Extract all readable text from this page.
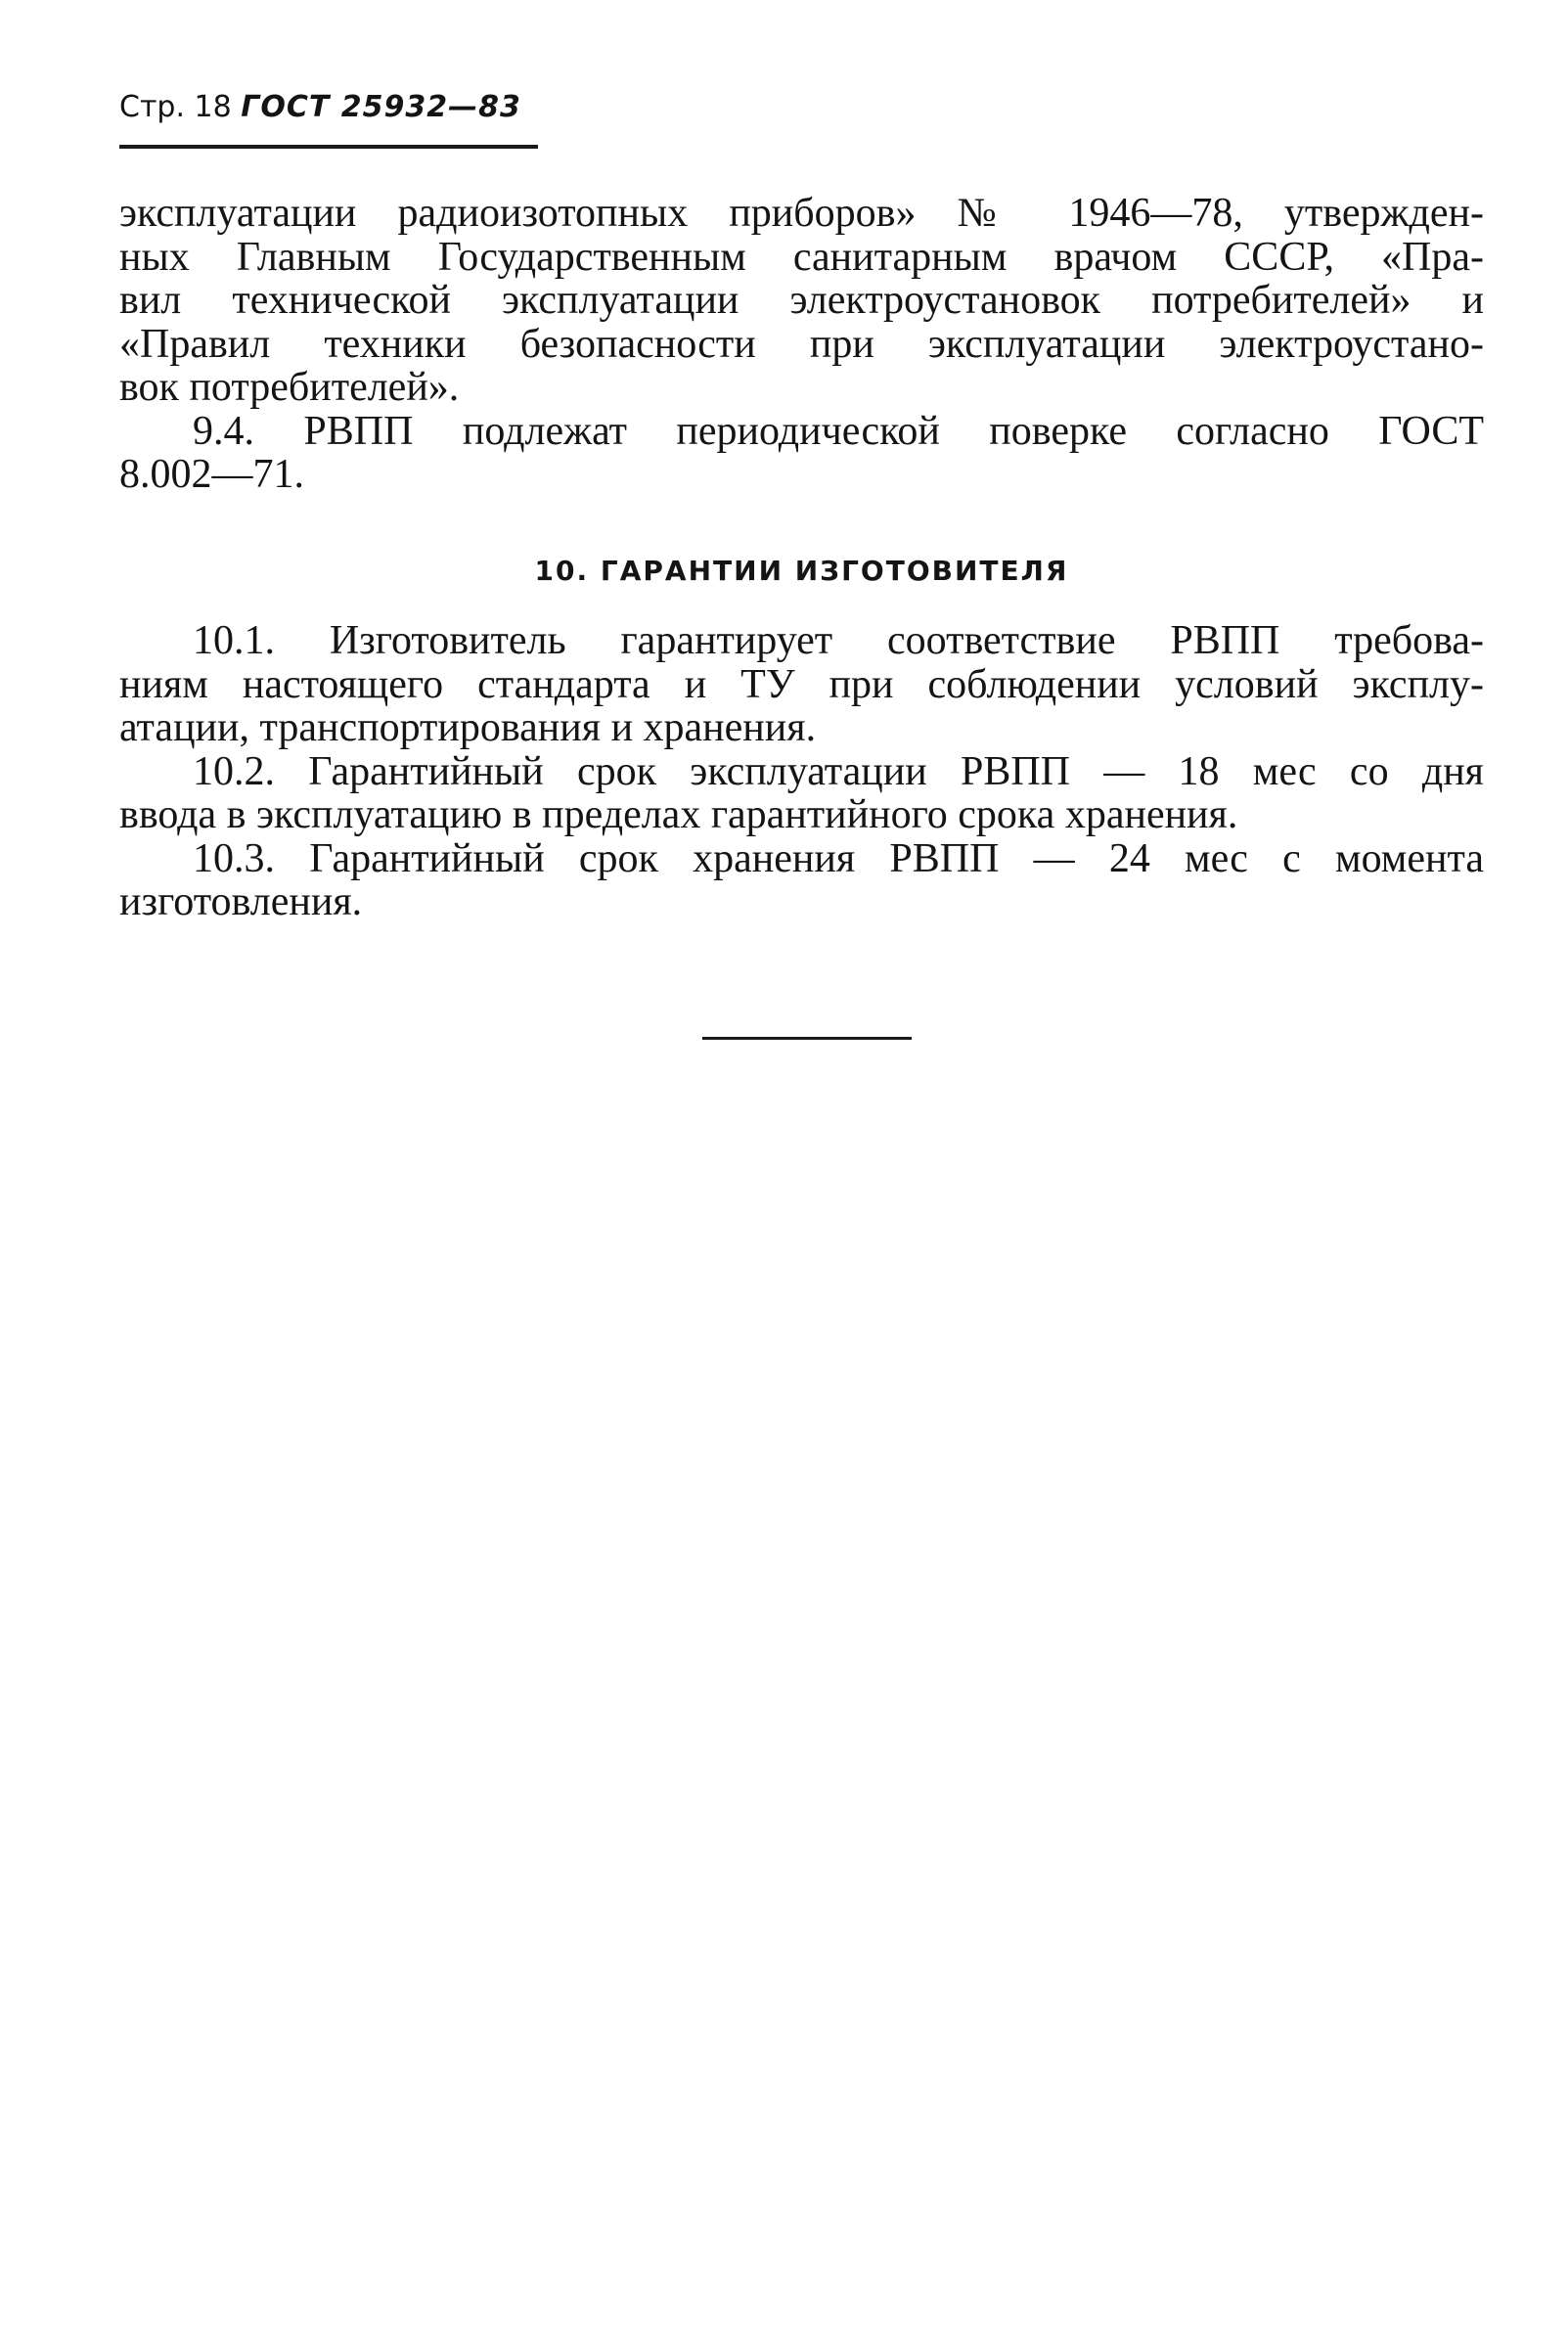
Стр. 18 ГОСТ 25932—83

эксплуатации радиоизотопных приборов» № 1946—78, утвержден-
ных Главным Государственным санитарным врачом СССР, «Пра-
вил технической эксплуатации электроустановок потребителей» и
«Правил техники безопасности при эксплуатации электроустано-
вок потребителей».

9.4. РВПП подлежат периодической поверке согласно ГОСТ
8.002—71.

10. ГАРАНТИИ ИЗГОТОВИТЕЛЯ

10.1. Изготовитель гарантирует соответствие РВПП требова-
ниям настоящего стандарта и ТУ при соблюдении условий эксплу-
атации, транспортирования и хранения.

10.2. Гарантийный срок эксплуатации РВПП — 18 мес со дня
ввода в эксплуатацию в пределах гарантийного срока хранения.

10.3. Гарантийный срок хранения РВПП — 24 мес с момента
изготовления.
